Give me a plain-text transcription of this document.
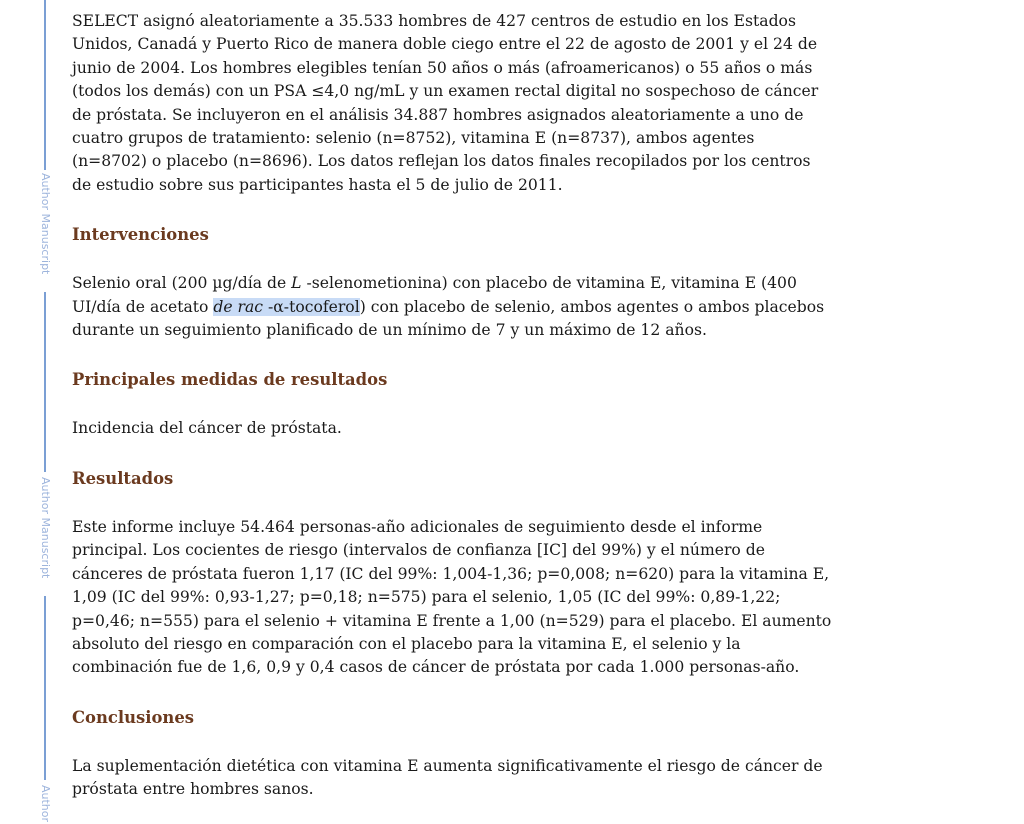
Author Manuscript
Author Manuscript
Author

SELECT asignó aleatoriamente a 35.533 hombres de 427 centros de estudio en los Estados Unidos, Canadá y Puerto Rico de manera doble ciego entre el 22 de agosto de 2001 y el 24 de junio de 2004. Los hombres elegibles tenían 50 años o más (afroamericanos) o 55 años o más (todos los demás) con un PSA ≤4,0 ng/mL y un examen rectal digital no sospechoso de cáncer de próstata. Se incluyeron en el análisis 34.887 hombres asignados aleatoriamente a uno de cuatro grupos de tratamiento: selenio (n=8752), vitamina E (n=8737), ambos agentes (n=8702) o placebo (n=8696). Los datos reflejan los datos finales recopilados por los centros de estudio sobre sus participantes hasta el 5 de julio de 2011.

Intervenciones

Selenio oral (200 µg/día de L -selenometionina) con placebo de vitamina E, vitamina E (400 UI/día de acetato de rac -α-tocoferol) con placebo de selenio, ambos agentes o ambos placebos durante un seguimiento planificado de un mínimo de 7 y un máximo de 12 años.

Principales medidas de resultados

Incidencia del cáncer de próstata.

Resultados

Este informe incluye 54.464 personas-año adicionales de seguimiento desde el informe principal. Los cocientes de riesgo (intervalos de confianza [IC] del 99%) y el número de cánceres de próstata fueron 1,17 (IC del 99%: 1,004-1,36; p=0,008; n=620) para la vitamina E, 1,09 (IC del 99%: 0,93-1,27; p=0,18; n=575) para el selenio, 1,05 (IC del 99%: 0,89-1,22; p=0,46; n=555) para el selenio + vitamina E frente a 1,00 (n=529) para el placebo. El aumento absoluto del riesgo en comparación con el placebo para la vitamina E, el selenio y la combinación fue de 1,6, 0,9 y 0,4 casos de cáncer de próstata por cada 1.000 personas-año.

Conclusiones

La suplementación dietética con vitamina E aumenta significativamente el riesgo de cáncer de próstata entre hombres sanos.
